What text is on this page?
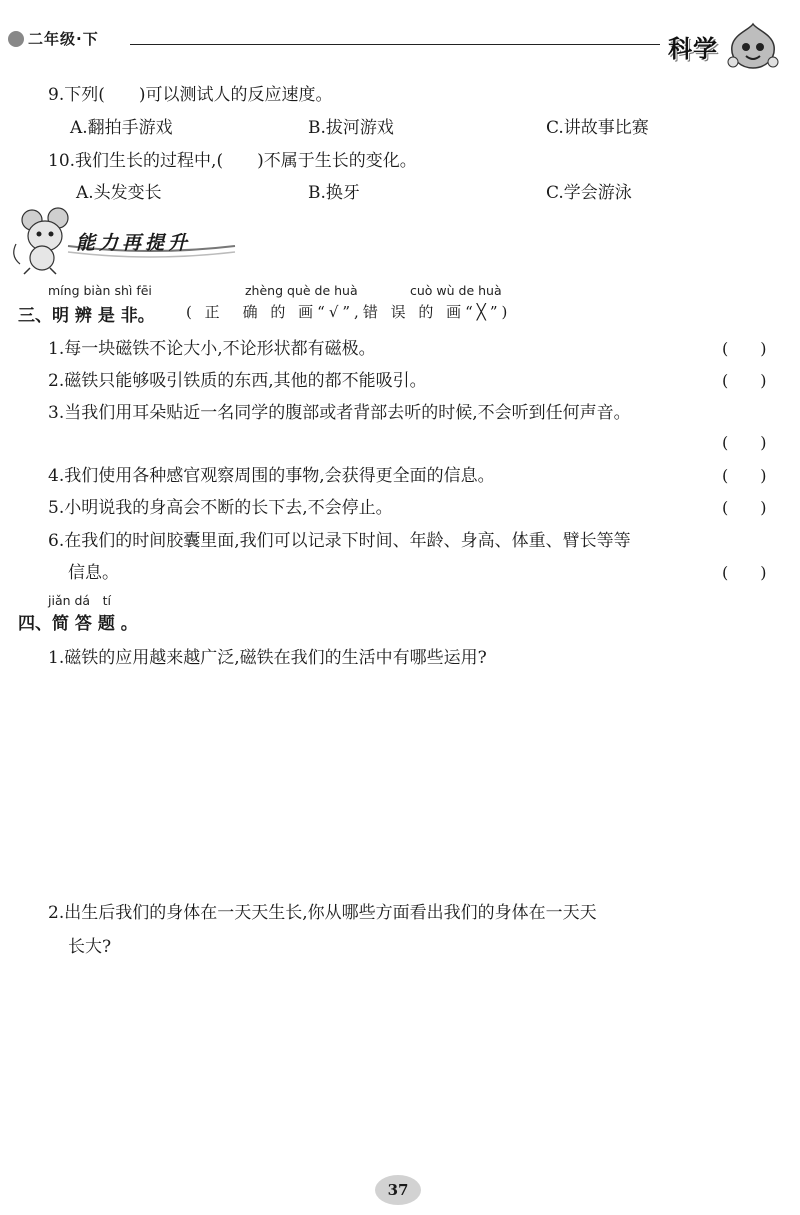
二年级·下	科学
9.下列(　　)可以测试人的反应速度。
A.翻拍手游戏	B.拔河游戏	C.讲故事比赛
10.我们生长的过程中,(　　)不属于生长的变化。
A.头发变长	B.换牙	C.学会游泳
能力再提升
míng biàn shì fēi	zhèng què de huà	cuò wù de huà
三、明 辨 是 非。 ( 正　确 的 画“√”,错 误 的 画“╳”)
1.每一块磁铁不论大小,不论形状都有磁极。	(　　)
2.磁铁只能够吸引铁质的东西,其他的都不能吸引。	(　　)
3.当我们用耳朵贴近一名同学的腹部或者背部去听的时候,不会听到任何声音。
(　　)
4.我们使用各种感官观察周围的事物,会获得更全面的信息。	(　　)
5.小明说我的身高会不断的长下去,不会停止。	(　　)
6.在我们的时间胶囊里面,我们可以记录下时间、年龄、身高、体重、臂长等等
信息。	(　　)
jiǎn dá　tí
四、简 答 题 。
1.磁铁的应用越来越广泛,磁铁在我们的生活中有哪些运用?
2.出生后我们的身体在一天天生长,你从哪些方面看出我们的身体在一天天
长大?
37
